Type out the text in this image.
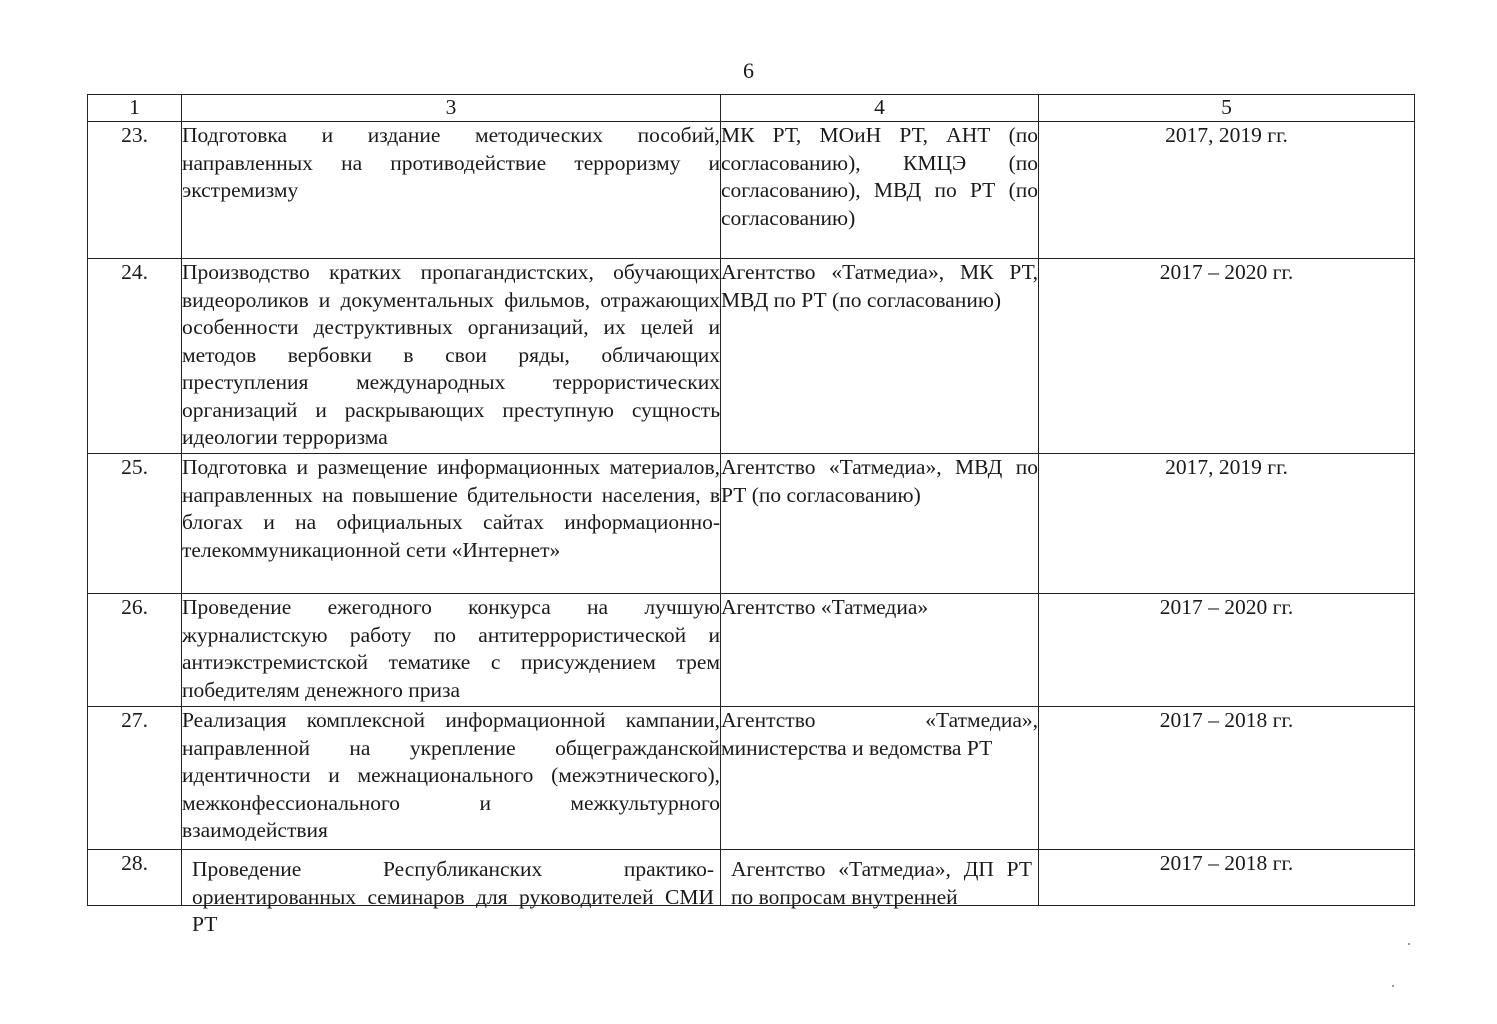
6
1	3	4	5
23.	Подготовка и издание методических пособий, направленных на противодействие терроризму и экстремизму	МК РТ, МОиН РТ, АНТ (по согласованию), КМЦЭ (по согласованию), МВД по РТ (по согласованию)	2017, 2019 гг.
24.	Производство кратких пропагандистских, обучающих видеороликов и документальных фильмов, отражающих особенности деструктивных организаций, их целей и методов вербовки в свои ряды, обличающих преступления международных террористических организаций и раскрывающих преступную сущность идеологии терроризма	Агентство «Татмедиа», МК РТ, МВД по РТ (по согласованию)	2017 – 2020 гг.
25.	Подготовка и размещение информационных материалов, направленных на повышение бдительности населения, в блогах и на официальных сайтах информационно-телекоммуникационной сети «Интернет»	Агентство «Татмедиа», МВД по РТ (по согласованию)	2017, 2019 гг.
26.	Проведение ежегодного конкурса на лучшую журналистскую работу по антитеррористической и антиэкстремистской тематике с присуждением трем победителям денежного приза	Агентство «Татмедиа»	2017 – 2020 гг.
27.	Реализация комплексной информационной кампании, направленной на укрепление общегражданской идентичности и межнационального (межэтнического), межконфессионального и межкультурного взаимодействия	Агентство «Татмедиа», министерства и ведомства РТ	2017 – 2018 гг.
28.	Проведение Республиканских практико-ориентированных семинаров для руководителей СМИ РТ	Агентство «Татмедиа», ДП РТ по вопросам внутренней	2017 – 2018 гг.
